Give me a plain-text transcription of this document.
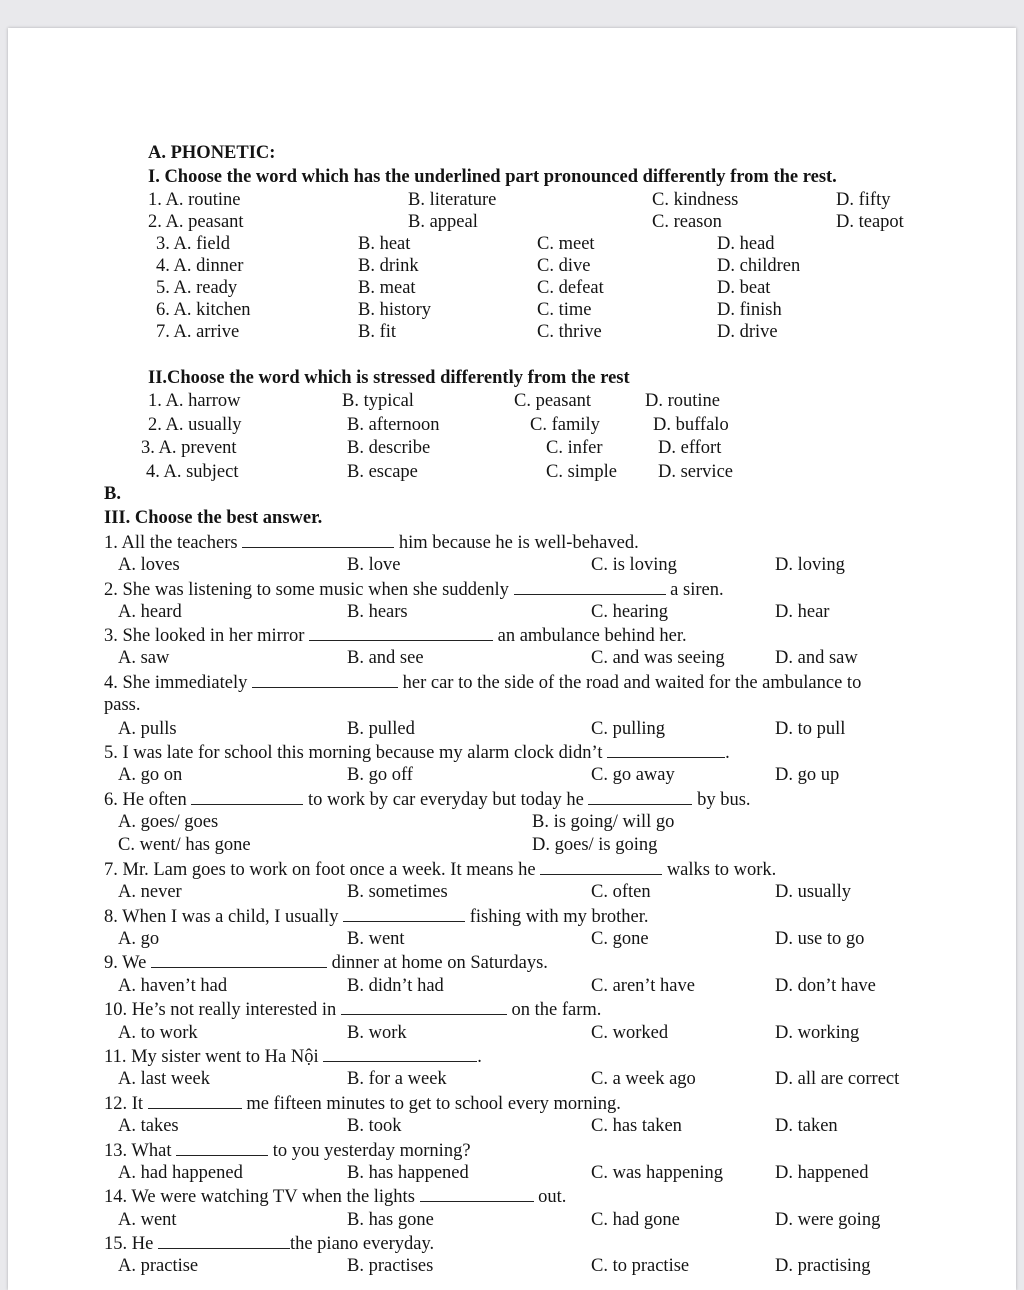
A. PHONETIC:
I. Choose the word which has the underlined part pronounced differently from the rest.
1. A. routine	B. literature	C. kindness	D. fifty
2. A. peasant	B. appeal	C. reason	D. teapot
3. A. field	B. heat	C. meet	D. head
4. A. dinner	B. drink	C. dive	D. children
5. A. ready	B. meat	C. defeat	D. beat
6. A. kitchen	B. history	C. time	D. finish
7. A. arrive	B. fit	C. thrive	D. drive
II.Choose the word which is stressed differently from the rest
1. A. harrow	B. typical	C. peasant	D. routine
2. A. usually	B. afternoon	C. family	D. buffalo
3. A. prevent	B. describe	C. infer	D. effort
4. A. subject	B. escape	C. simple D. service
B.
III. Choose the best answer.
1. All the teachers	him because he is well-behaved.
A. loves	B. love	C. is loving	D. loving
2. She was listening to some music when she suddenly	a siren.
A. heard	B. hears	C. hearing	D. hear
3. She looked in her mirror	an ambulance behind her.
A. saw	B. and see	C. and was seeing	D. and saw
4. She immediately	her car to the side of the road and waited for the ambulance to
pass.
A. pulls	B. pulled	C. pulling	D. to pull
5. I was late for school this morning because my alarm clock didn’t	.
A. go on	B. go off	C. go away	D. go up
6. He often	to work by car everyday but today he	by bus.
A. goes/ goes	B. is going/ will go
C. went/ has gone	D. goes/ is going
7. Mr. Lam goes to work on foot once a week. It means he	walks to work.
A. never	B. sometimes	C. often	D. usually
8. When I was a child, I usually	fishing with my brother.
A. go	B. went	C. gone	D. use to go
9. We	dinner at home on Saturdays.
A. haven’t had	B. didn’t had	C. aren’t have	D. don’t have
10. He’s not really interested in	on the farm.
A. to work	B. work	C. worked	D. working
11. My sister went to Ha Nội	.
A. last week	B. for a week	C. a week ago	D. all are correct
12. It	me fifteen minutes to get to school every morning.
A. takes	B. took	C. has taken	D. taken
13. What	to you yesterday morning?
A. had happened	B. has happened	C. was happening	D. happened
14. We were watching TV when the lights	out.
A. went	B. has gone	C. had gone	D. were going
15. He	the piano everyday.
A. practise	B. practises	C. to practise	D. practising
